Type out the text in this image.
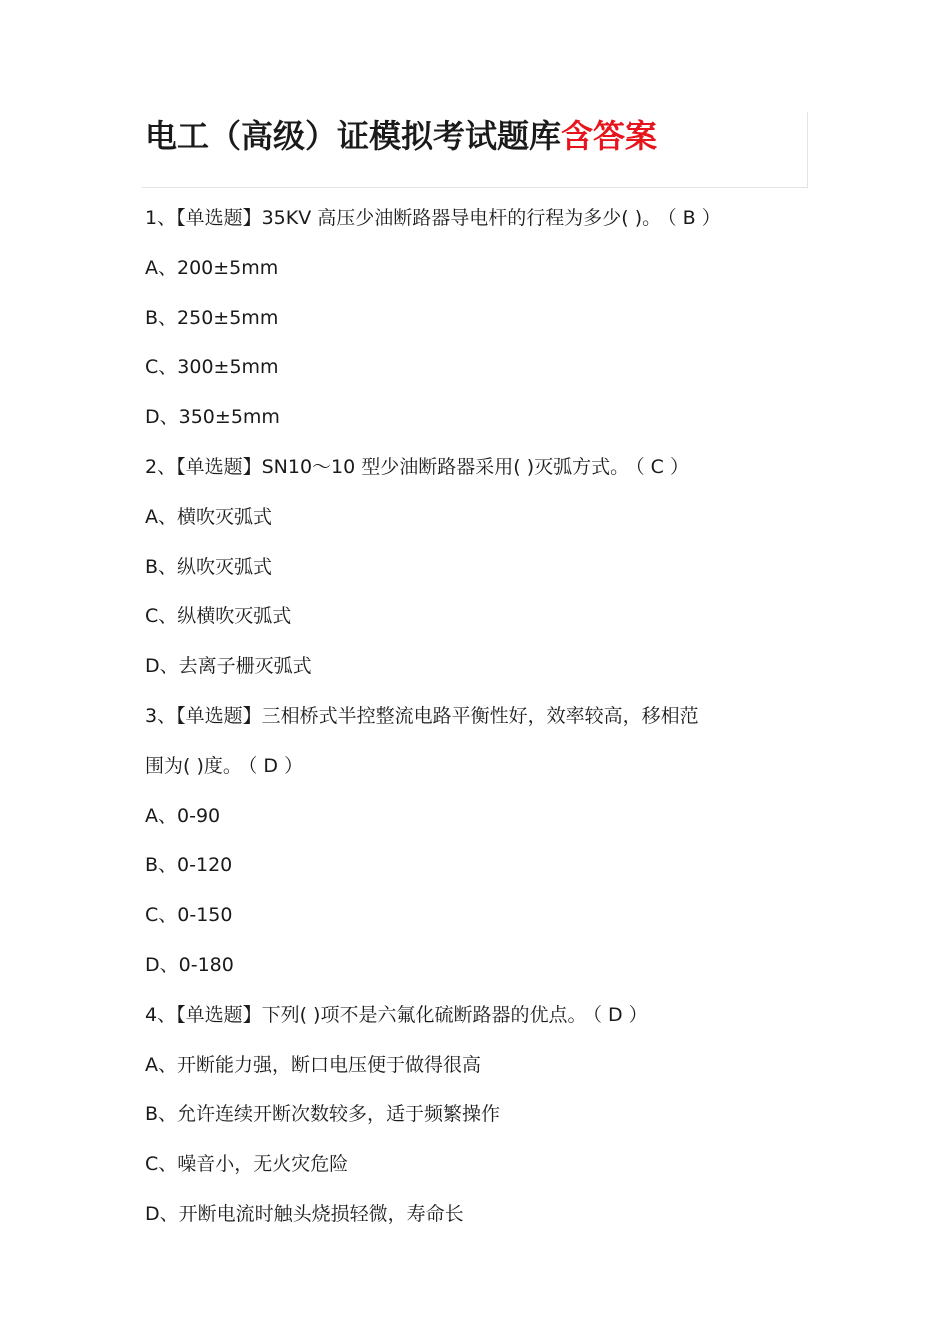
电工（高级）证模拟考试题库含答案

1、【单选题】35KV 高压少油断路器导电杆的行程为多少( )。 （ B ）

A、200±5mm

B、250±5mm

C、300±5mm

D、350±5mm

2、【单选题】SN10～10 型少油断路器采用( )灭弧方式。 （ C ）

A、横吹灭弧式

B、纵吹灭弧式

C、纵横吹灭弧式

D、去离子栅灭弧式

3、【单选题】三相桥式半控整流电路平衡性好，效率较高，移相范

围为( )度。 （ D ）

A、0-90

B、0-120

C、0-150

D、0-180

4、【单选题】下列( )项不是六氟化硫断路器的优点。 （ D ）

A、开断能力强，断口电压便于做得很高

B、允许连续开断次数较多，适于频繁操作

C、噪音小，无火灾危险

D、开断电流时触头烧损轻微，寿命长
